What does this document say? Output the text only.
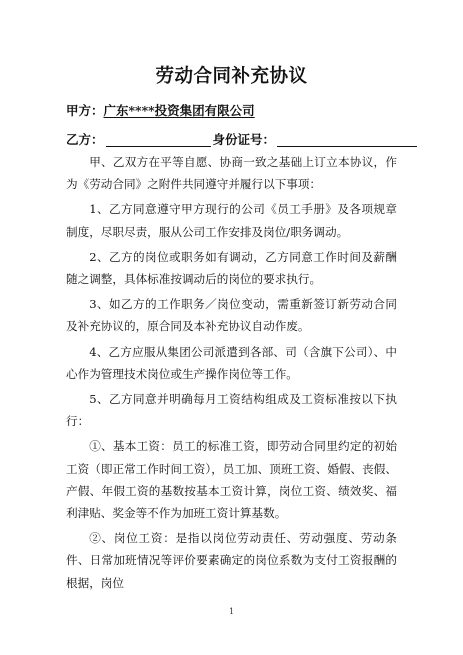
劳动合同补充协议
甲方：广东****投资集团有限公司
乙方：	身份证号：

甲、乙双方在平等自愿、协商一致之基础上订立本协议，作为《劳动合同》之附件共同遵守并履行以下事项：

1、乙方同意遵守甲方现行的公司《员工手册》及各项规章制度，尽职尽责，服从公司工作安排及岗位/职务调动。

2、乙方的岗位或职务如有调动，乙方同意工作时间及薪酬随之调整，具体标准按调动后的岗位的要求执行。

3、如乙方的工作职务／岗位变动，需重新签订新劳动合同及补充协议的，原合同及本补充协议自动作废。

4、乙方应服从集团公司派遣到各部、司（含旗下公司）、中心作为管理技术岗位或生产操作岗位等工作。

5、乙方同意并明确每月工资结构组成及工资标准按以下执行：

①、基本工资：员工的标准工资，即劳动合同里约定的初始工资（即正常工作时间工资），员工加、顶班工资、婚假、丧假、产假、年假工资的基数按基本工资计算，岗位工资、绩效奖、福利津贴、奖金等不作为加班工资计算基数。

②、岗位工资：是指以岗位劳动责任、劳动强度、劳动条件、日常加班情况等评价要素确定的岗位系数为支付工资报酬的根据，岗位

1
